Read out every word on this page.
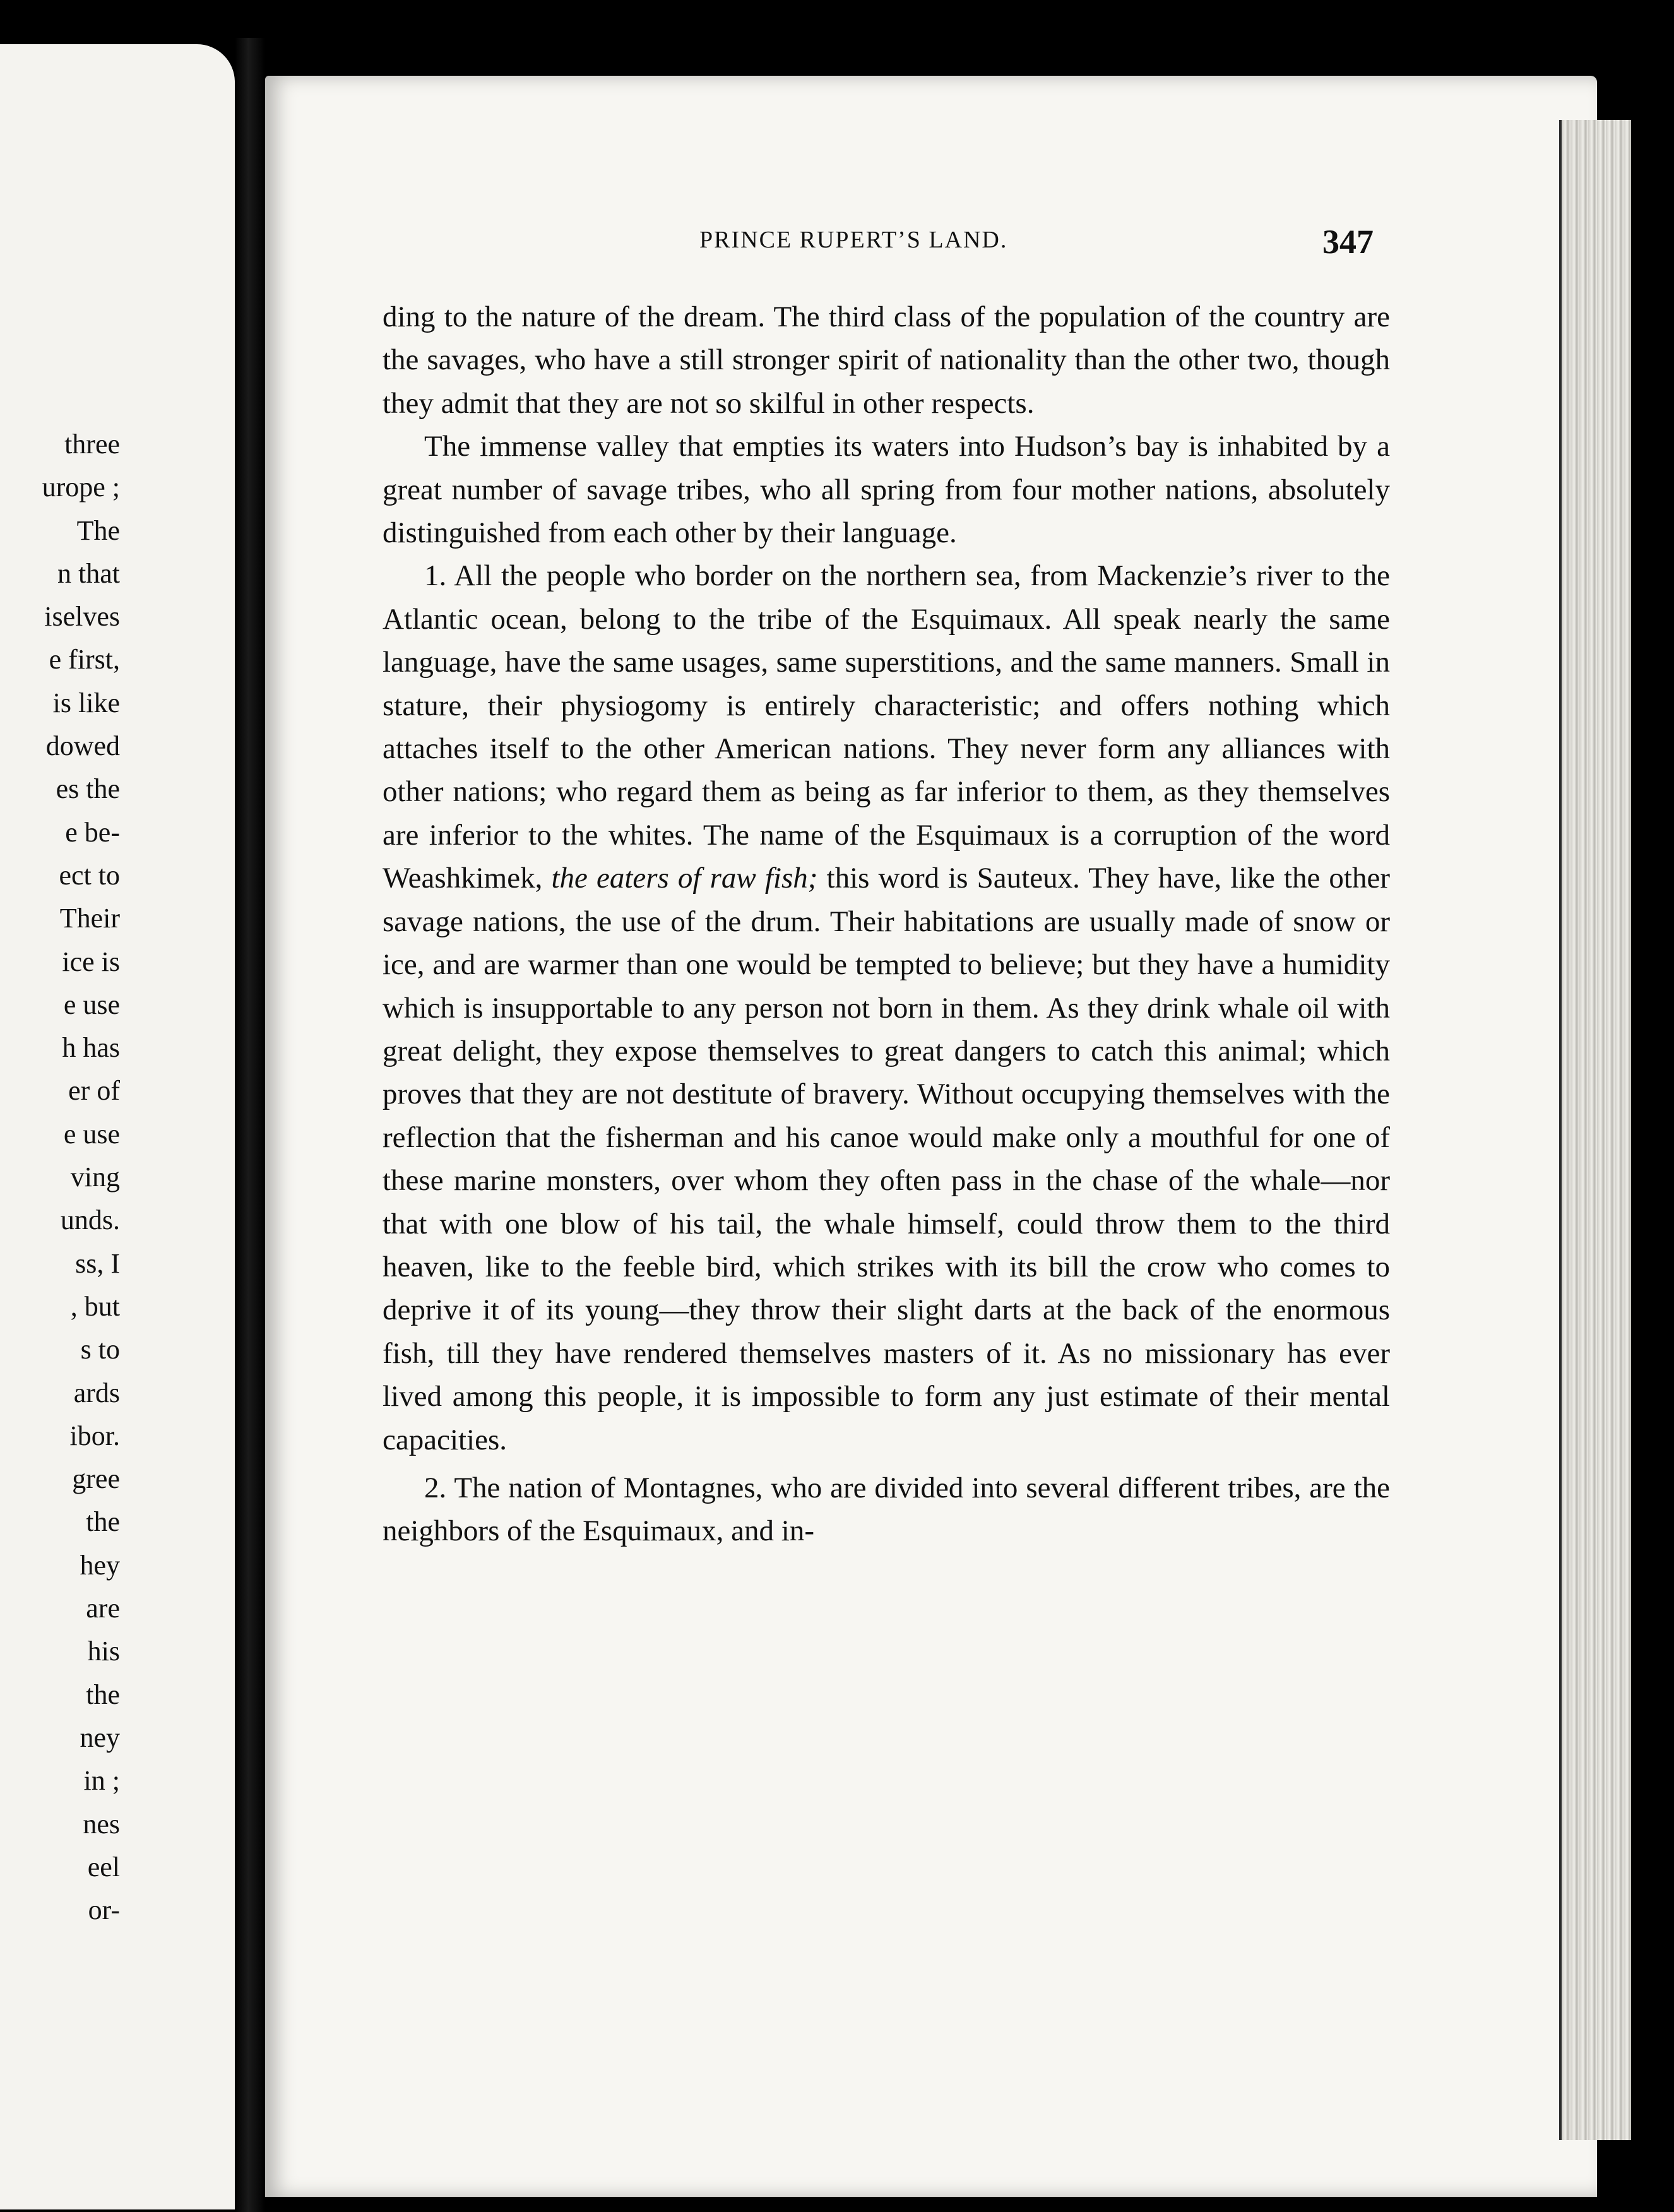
three
urope ;
The
n that
iselves
e first,
is like
dowed
es the
e be-
ect to
Their
ice is
e use
h has
er of
e use
ving
unds.
ss, I
, but
s to
ards
ibor.
gree
the
hey
are
his
the
ney
in ;
nes
eel
or-
PRINCE RUPERT’S LAND.	347

ding to the nature of the dream. The third class of the population of the country are the savages, who have a still stronger spirit of nationality than the other two, though they admit that they are not so skilful in other respects.

The immense valley that empties its waters into Hudson’s bay is inhabited by a great number of savage tribes, who all spring from four mother nations, absolutely distinguished from each other by their language.

1. All the people who border on the northern sea, from Mackenzie’s river to the Atlantic ocean, belong to the tribe of the Esquimaux. All speak nearly the same language, have the same usages, same superstitions, and the same manners. Small in stature, their physiogomy is entirely characteristic; and offers nothing which attaches itself to the other American nations. They never form any alliances with other nations; who regard them as being as far inferior to them, as they themselves are inferior to the whites. The name of the Esquimaux is a corruption of the word Weashkimek, the eaters of raw fish; this word is Sauteux. They have, like the other savage nations, the use of the drum. Their habitations are usually made of snow or ice, and are warmer than one would be tempted to believe; but they have a humidity which is insupportable to any person not born in them. As they drink whale oil with great delight, they expose themselves to great dangers to catch this animal; which proves that they are not destitute of bravery. Without occupying themselves with the reflection that the fisherman and his canoe would make only a mouthful for one of these marine monsters, over whom they often pass in the chase of the whale—nor that with one blow of his tail, the whale himself, could throw them to the third heaven, like to the feeble bird, which strikes with its bill the crow who comes to deprive it of its young—they throw their slight darts at the back of the enormous fish, till they have rendered themselves masters of it. As no missionary has ever lived among this people, it is impossible to form any just estimate of their mental capacities.

2. The nation of Montagnes, who are divided into several different tribes, are the neighbors of the Esquimaux, and in-
